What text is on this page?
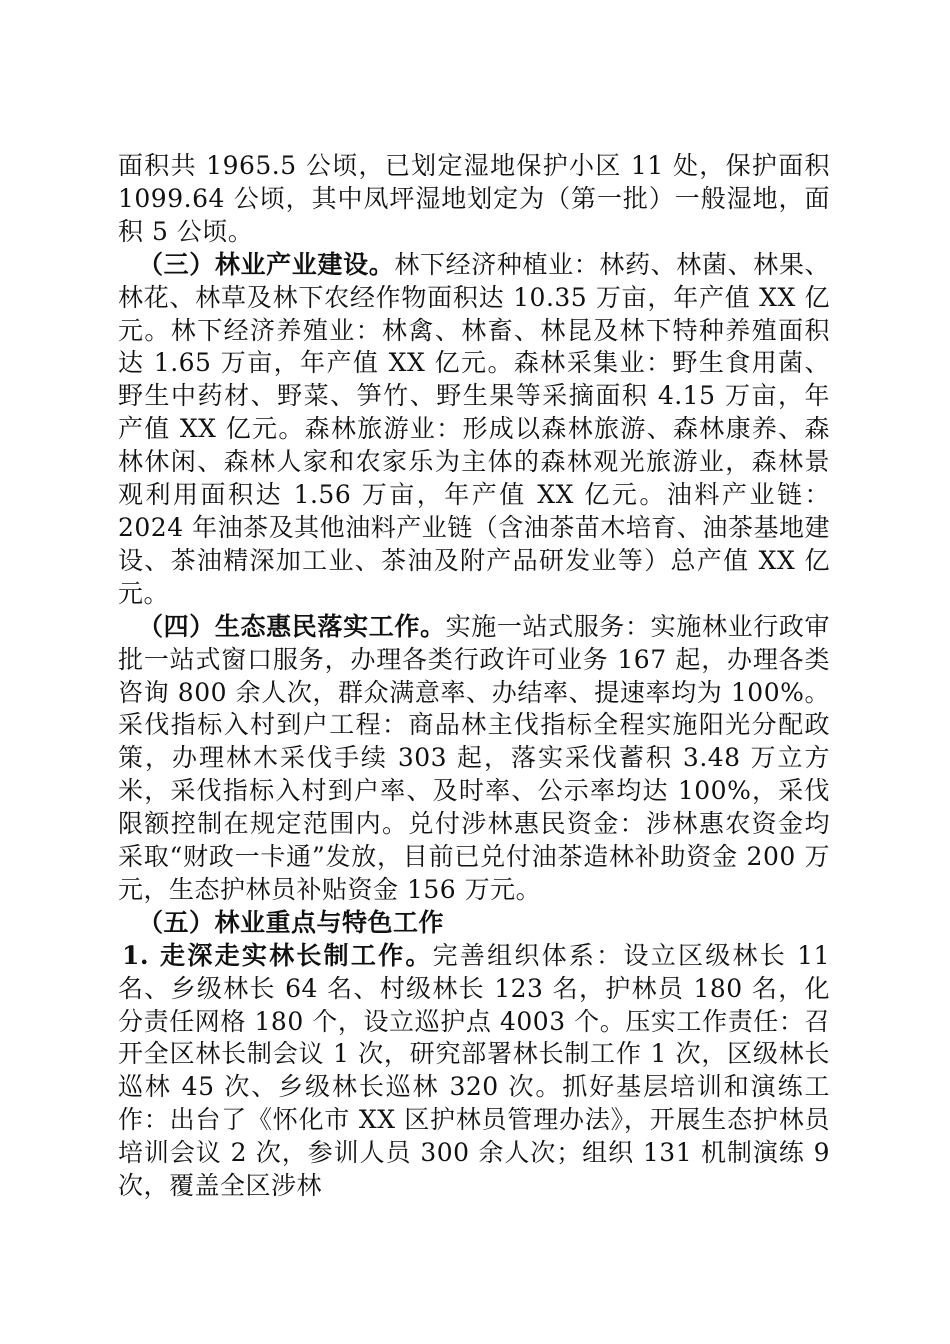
面积共 1965.5 公顷，已划定湿地保护小区 11 处，保护面积 1099.64 公顷，其中凤坪湿地划定为（第一批）一般湿地，面积 5 公顷。

（三）林业产业建设。林下经济种植业：林药、林菌、林果、林花、林草及林下农经作物面积达 10.35 万亩，年产值 XX 亿元。林下经济养殖业：林禽、林畜、林昆及林下特种养殖面积达 1.65 万亩，年产值 XX 亿元。森林采集业：野生食用菌、野生中药材、野菜、笋竹、野生果等采摘面积 4.15 万亩，年产值 XX 亿元。森林旅游业：形成以森林旅游、森林康养、森林休闲、森林人家和农家乐为主体的森林观光旅游业，森林景观利用面积达 1.56 万亩，年产值 XX 亿元。油料产业链：2024 年油茶及其他油料产业链（含油茶苗木培育、油茶基地建设、茶油精深加工业、茶油及附产品研发业等）总产值 XX 亿元。

（四）生态惠民落实工作。实施一站式服务：实施林业行政审批一站式窗口服务，办理各类行政许可业务 167 起，办理各类咨询 800 余人次，群众满意率、办结率、提速率均为 100%。采伐指标入村到户工程：商品林主伐指标全程实施阳光分配政策，办理林木采伐手续 303 起，落实采伐蓄积 3.48 万立方米，采伐指标入村到户率、及时率、公示率均达 100%，采伐限额控制在规定范围内。兑付涉林惠民资金：涉林惠农资金均采取“财政一卡通”发放，目前已兑付油茶造林补助资金 200 万元，生态护林员补贴资金 156 万元。

（五）林业重点与特色工作

1. 走深走实林长制工作。完善组织体系：设立区级林长 11 名、乡级林长 64 名、村级林长 123 名，护林员 180 名，化分责任网格 180 个，设立巡护点 4003 个。压实工作责任：召开全区林长制会议 1 次，研究部署林长制工作 1 次，区级林长巡林 45 次、乡级林长巡林 320 次。抓好基层培训和演练工作：出台了《怀化市 XX 区护林员管理办法》，开展生态护林员培训会议 2 次，参训人员 300 余人次；组织 131 机制演练 9 次，覆盖全区涉林
